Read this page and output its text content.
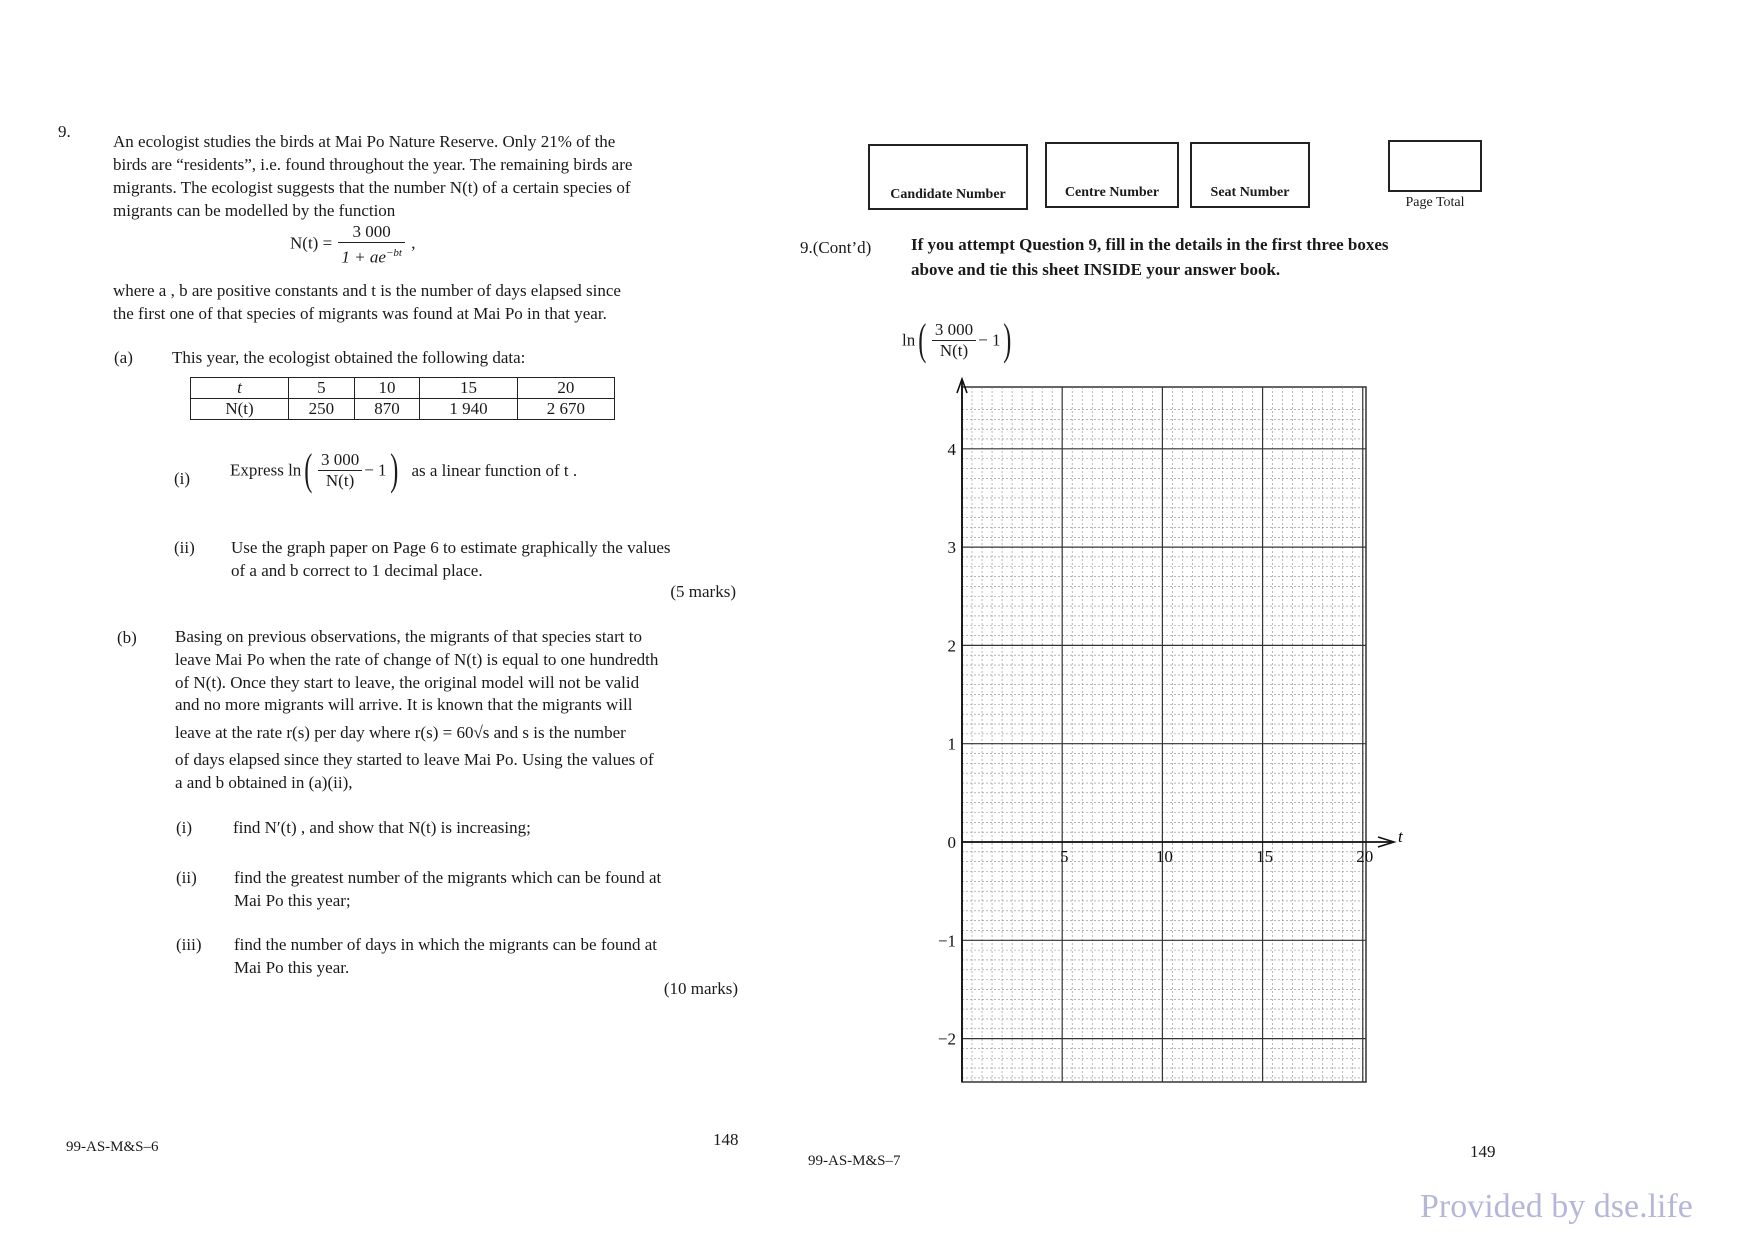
9.
An ecologist studies the birds at Mai Po Nature Reserve. Only 21% of the
birds are “residents”, i.e. found throughout the year. The remaining birds are
migrants. The ecologist suggests that the number N(t) of a certain species of
migrants can be modelled by the function
$N(t) = \frac{3 000}{1 + ae^{-bt}}$ ,
where a , b are positive constants and t is the number of days elapsed since
the first one of that species of migrants was found at Mai Po in that year.
(a) This year, the ecologist obtained the following data:
t	5	10	15	20
N(t)	250	870	1 940	2 670
(i) Express $\ln( \frac{3 000}{N(t)} - 1)$ as a linear function of t .
(ii) Use the graph paper on Page 6 to estimate graphically the values
of a and b correct to 1 decimal place.
(5 marks)
(b) Basing on previous observations, the migrants of that species start to
leave Mai Po when the rate of change of N(t) is equal to one hundredth
of N(t). Once they start to leave, the original model will not be valid
and no more migrants will arrive. It is known that the migrants will
leave at the rate r(s) per day where r(s) = 60√s and s is the number
of days elapsed since they started to leave Mai Po. Using the values of
a and b obtained in (a)(ii),
(i) find N′(t) , and show that N(t) is increasing;
(ii) find the greatest number of the migrants which can be found at
Mai Po this year;
(iii) find the number of days in which the migrants can be found at
Mai Po this year.
(10 marks)
99-AS-M&S–6	148
Candidate Number	Centre Number	Seat Number
Page Total
9.(Cont’d) If you attempt Question 9, fill in the details in the first three boxes
above and tie this sheet INSIDE your answer book.
$\ln( \frac{3 000}{N(t)} - 1)$
4
3
2
1
0
−1
−2
5	10	15	20
t
99-AS-M&S–7	149
Provided by dse.life
